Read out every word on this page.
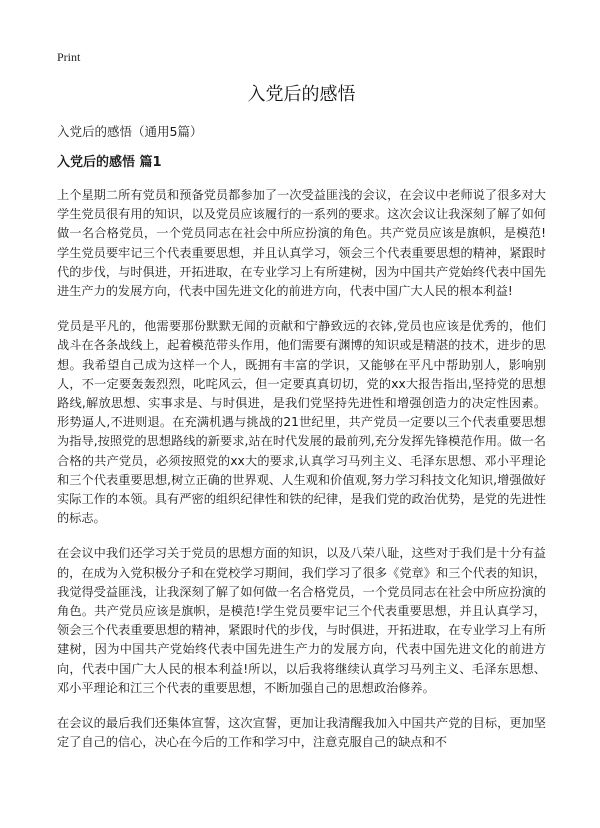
Print
入党后的感悟
入党后的感悟（通用5篇）
入党后的感悟 篇1

上个星期二所有党员和预备党员都参加了一次受益匪浅的会议，在会议中老师说了很多对大学生党员很有用的知识，以及党员应该履行的一系列的要求。这次会议让我深刻了解了如何做一名合格党员，一个党员同志在社会中所应扮演的角色。共产党员应该是旗帜，是模范!学生党员要牢记三个代表重要思想，并且认真学习，领会三个代表重要思想的精神，紧跟时代的步伐，与时俱进，开拓进取，在专业学习上有所建树，因为中国共产党始终代表中国先进生产力的发展方向，代表中国先进文化的前进方向，代表中国广大人民的根本利益!

党员是平凡的，他需要那份默默无闻的贡献和宁静致远的衣钵,党员也应该是优秀的，他们战斗在各条战线上，起着模范带头作用，他们需要有渊博的知识或是精湛的技术，进步的思想。我希望自己成为这样一个人，既拥有丰富的学识，又能够在平凡中帮助别人，影响别人，不一定要轰轰烈烈，叱咤风云，但一定要真真切切，党的xx大报告指出,坚持党的思想路线,解放思想、实事求是、与时俱进，是我们党坚持先进性和增强创造力的决定性因素。形势逼人,不进则退。在充满机遇与挑战的21世纪里，共产党员一定要以三个代表重要思想为指导,按照党的思想路线的新要求,站在时代发展的最前列,充分发挥先锋模范作用。做一名合格的共产党员，必须按照党的xx大的要求,认真学习马列主义、毛泽东思想、邓小平理论和三个代表重要思想,树立正确的世界观、人生观和价值观,努力学习科技文化知识,增强做好实际工作的本领。具有严密的组织纪律性和铁的纪律，是我们党的政治优势，是党的先进性的标志。

在会议中我们还学习关于党员的思想方面的知识，以及八荣八耻，这些对于我们是十分有益的，在成为入党积极分子和在党校学习期间，我们学习了很多《党章》和三个代表的知识，我觉得受益匪浅，让我深刻了解了如何做一名合格党员，一个党员同志在社会中所应扮演的角色。共产党员应该是旗帜，是模范!学生党员要牢记三个代表重要思想，并且认真学习，领会三个代表重要思想的精神，紧跟时代的步伐，与时俱进，开拓进取，在专业学习上有所建树，因为中国共产党始终代表中国先进生产力的发展方向，代表中国先进文化的前进方向，代表中国广大人民的根本利益!所以，以后我将继续认真学习马列主义、毛泽东思想、邓小平理论和江三个代表的重要思想，不断加强自己的思想政治修养。

在会议的最后我们还集体宣誓，这次宣誓，更加让我清醒我加入中国共产党的目标，更加坚定了自己的信心，决心在今后的工作和学习中，注意克服自己的缺点和不
